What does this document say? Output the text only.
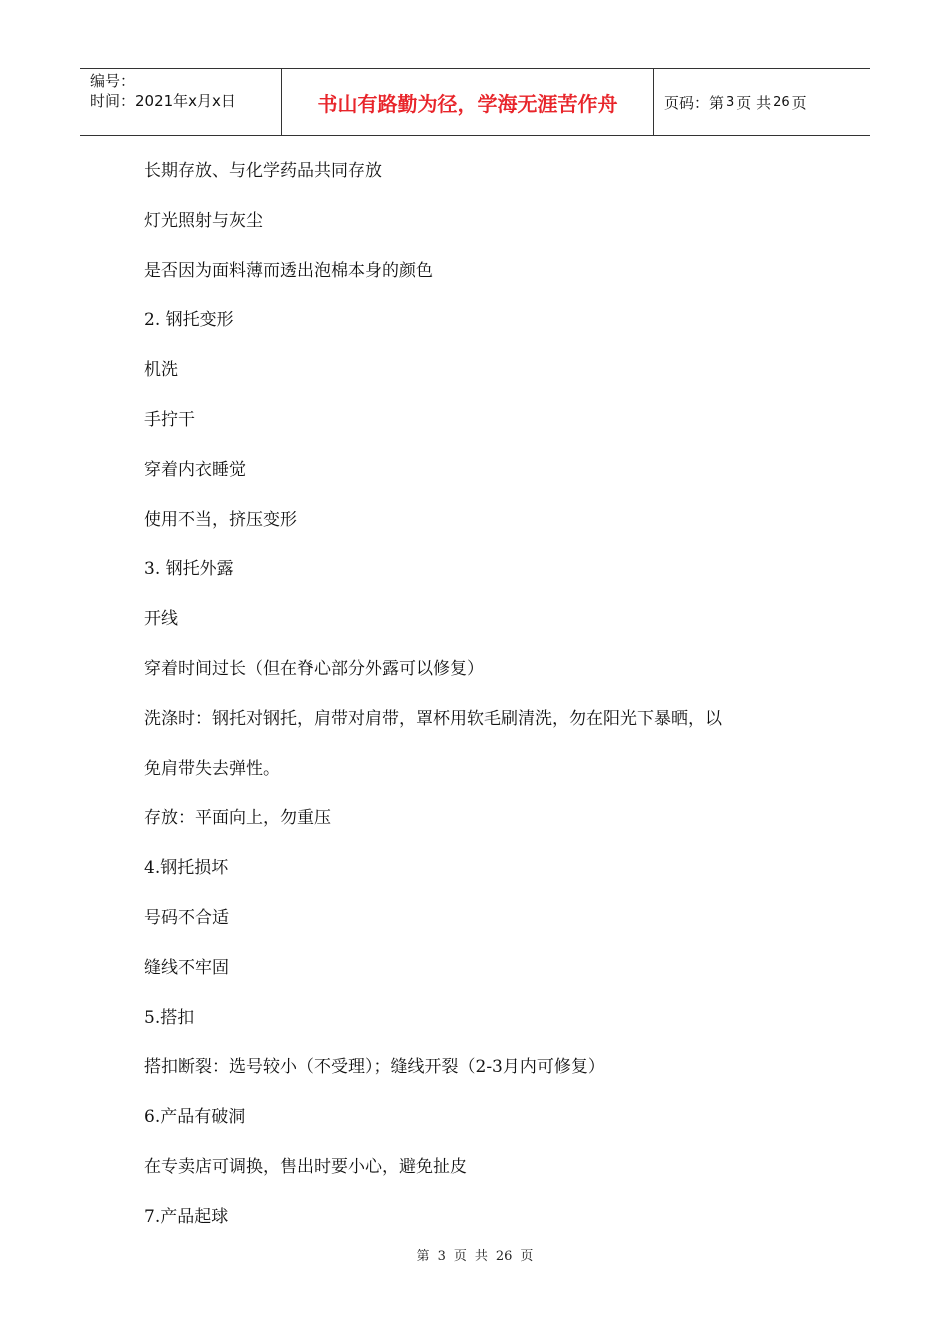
编号：
时间：2021年x月x日	书山有路勤为径，学海无涯苦作舟	页码：第 3 页 共 26 页
长期存放、与化学药品共同存放
灯光照射与灰尘
是否因为面料薄而透出泡棉本身的颜色
2. 钢托变形
机洗
手拧干
穿着内衣睡觉
使用不当，挤压变形
3. 钢托外露
开线
穿着时间过长（但在脊心部分外露可以修复）
洗涤时：钢托对钢托，肩带对肩带，罩杯用软毛刷清洗，勿在阳光下暴晒，以
免肩带失去弹性。
存放：平面向上，勿重压
4.钢托损坏
号码不合适
缝线不牢固
5.搭扣
搭扣断裂：选号较小（不受理）；缝线开裂（2-3月内可修复）
6.产品有破洞
在专卖店可调换，售出时要小心，避免扯皮
7.产品起球
第 3 页 共 26 页
